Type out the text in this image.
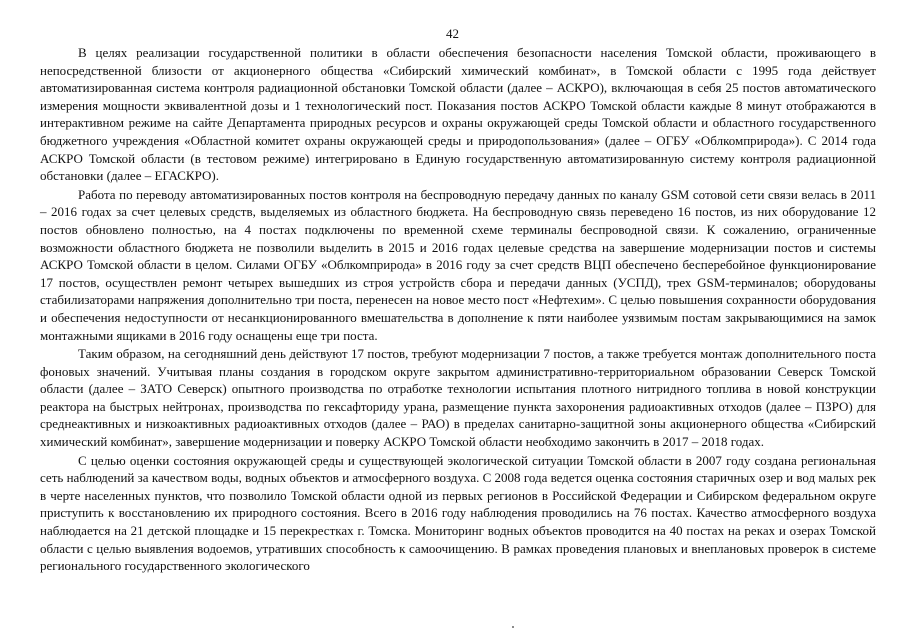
42

В целях реализации государственной политики в области обеспечения безопасности населения Томской области, проживающего в непосредственной близости от акционерного общества «Сибирский химический комбинат», в Томской области с 1995 года действует автоматизированная система контроля радиационной обстановки Томской области (далее – АСКРО), включающая в себя 25 постов автоматического измерения мощности эквивалентной дозы и 1 технологический пост. Показания постов АСКРО Томской области каждые 8 минут отображаются в интерактивном режиме на сайте Департамента природных ресурсов и охраны окружающей среды Томской области и областного государственного бюджетного учреждения «Областной комитет охраны окружающей среды и природопользования» (далее – ОГБУ «Облкомприрода»). С 2014 года АСКРО Томской области (в тестовом режиме) интегрировано в Единую государственную автоматизированную систему контроля радиационной обстановки (далее – ЕГАСКРО).

Работа по переводу автоматизированных постов контроля на беспроводную передачу данных по каналу GSM сотовой сети связи велась в 2011 – 2016 годах за счет целевых средств, выделяемых из областного бюджета. На беспроводную связь переведено 16 постов, из них оборудование 12 постов обновлено полностью, на 4 постах подключены по временной схеме терминалы беспроводной связи. К сожалению, ограниченные возможности областного бюджета не позволили выделить в 2015 и 2016 годах целевые средства на завершение модернизации постов и системы АСКРО Томской области в целом. Силами ОГБУ «Облкомприрода» в 2016 году за счет средств ВЦП обеспечено бесперебойное функционирование 17 постов, осуществлен ремонт четырех вышедших из строя устройств сбора и передачи данных (УСПД), трех GSM-терминалов; оборудованы стабилизаторами напряжения дополнительно три поста, перенесен на новое место пост «Нефтехим». С целью повышения сохранности оборудования и обеспечения недоступности от несанкционированного вмешательства в дополнение к пяти наиболее уязвимым постам закрывающимися на замок монтажными ящиками в 2016 году оснащены еще три поста.

Таким образом, на сегодняшний день действуют 17 постов, требуют модернизации 7 постов, а также требуется монтаж дополнительного поста фоновых значений. Учитывая планы создания в городском округе закрытом административно-территориальном образовании Северск Томской области (далее – ЗАТО Северск) опытного производства по отработке технологии испытания плотного нитридного топлива в новой конструкции реактора на быстрых нейтронах, производства по гексафториду урана, размещение пункта захоронения радиоактивных отходов (далее – ПЗРО) для среднеактивных и низкоактивных радиоактивных отходов (далее – РАО) в пределах санитарно-защитной зоны акционерного общества «Сибирский химический комбинат», завершение модернизации и поверку АСКРО Томской области необходимо закончить в 2017 – 2018 годах.

С целью оценки состояния окружающей среды и существующей экологической ситуации Томской области в 2007 году создана региональная сеть наблюдений за качеством воды, водных объектов и атмосферного воздуха. С 2008 года ведется оценка состояния старичных озер и вод малых рек в черте населенных пунктов, что позволило Томской области одной из первых регионов в Российской Федерации и Сибирском федеральном округе приступить к восстановлению их природного состояния. Всего в 2016 году наблюдения проводились на 76 постах. Качество атмосферного воздуха наблюдается на 21 детской площадке и 15 перекрестках г. Томска. Мониторинг водных объектов проводится на 40 постах на реках и озерах Томской области с целью выявления водоемов, утративших способность к самоочищению. В рамках проведения плановых и внеплановых проверок в системе регионального государственного экологического
